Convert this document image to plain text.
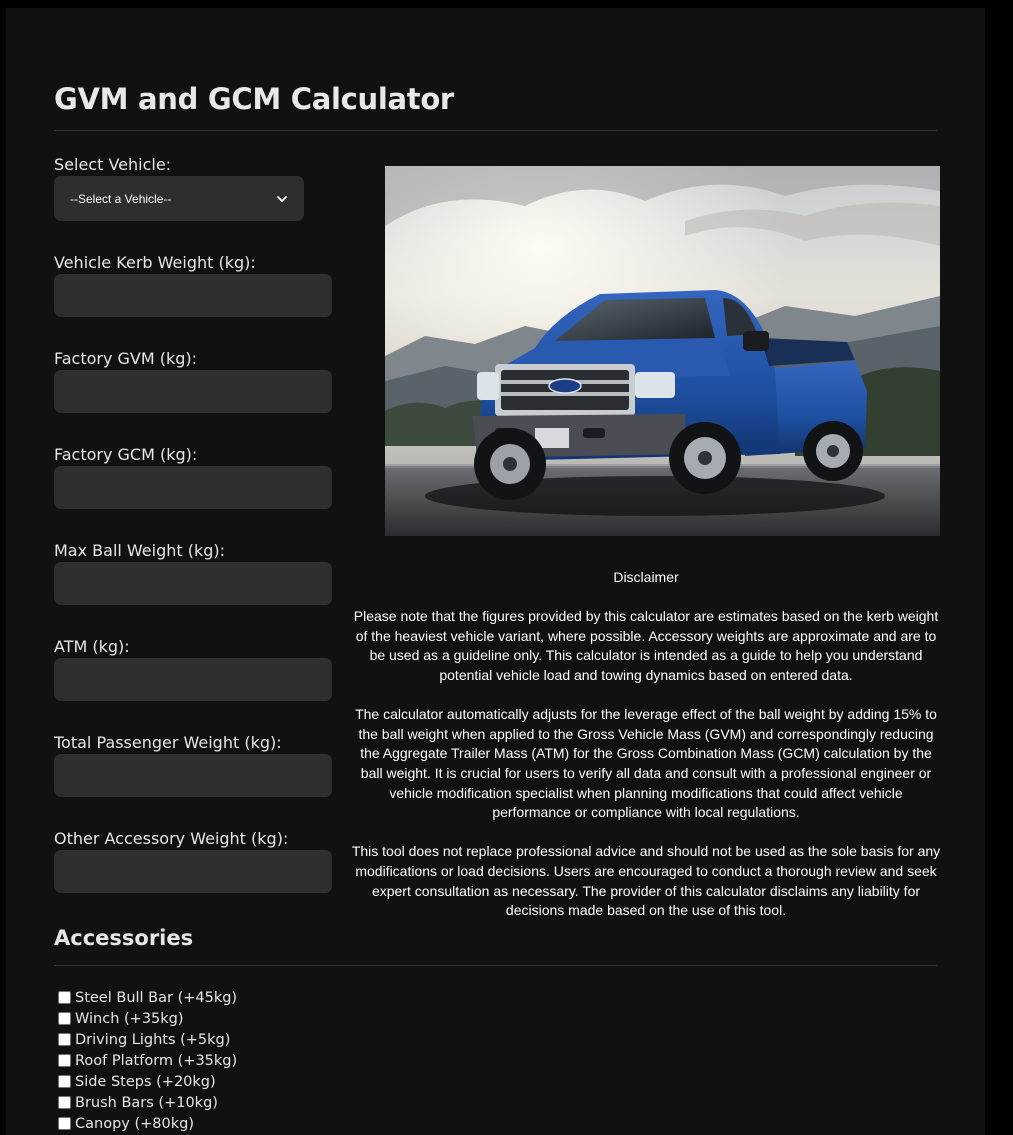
GVM and GCM Calculator
Select Vehicle:
--Select a Vehicle--
Vehicle Kerb Weight (kg):
Factory GVM (kg):
Factory GCM (kg):
Max Ball Weight (kg):
ATM (kg):
Total Passenger Weight (kg):
Other Accessory Weight (kg):

Disclaimer

Please note that the figures provided by this calculator are estimates based on the kerb weight of the heaviest vehicle variant, where possible. Accessory weights are approximate and are to be used as a guideline only. This calculator is intended as a guide to help you understand potential vehicle load and towing dynamics based on entered data.

The calculator automatically adjusts for the leverage effect of the ball weight by adding 15% to the ball weight when applied to the Gross Vehicle Mass (GVM) and correspondingly reducing the Aggregate Trailer Mass (ATM) for the Gross Combination Mass (GCM) calculation by the ball weight. It is crucial for users to verify all data and consult with a professional engineer or vehicle modification specialist when planning modifications that could affect vehicle performance or compliance with local regulations.

This tool does not replace professional advice and should not be used as the sole basis for any modifications or load decisions. Users are encouraged to conduct a thorough review and seek expert consultation as necessary. The provider of this calculator disclaims any liability for decisions made based on the use of this tool.

Accessories
Steel Bull Bar (+45kg)
Winch (+35kg)
Driving Lights (+5kg)
Roof Platform (+35kg)
Side Steps (+20kg)
Brush Bars (+10kg)
Canopy (+80kg)
